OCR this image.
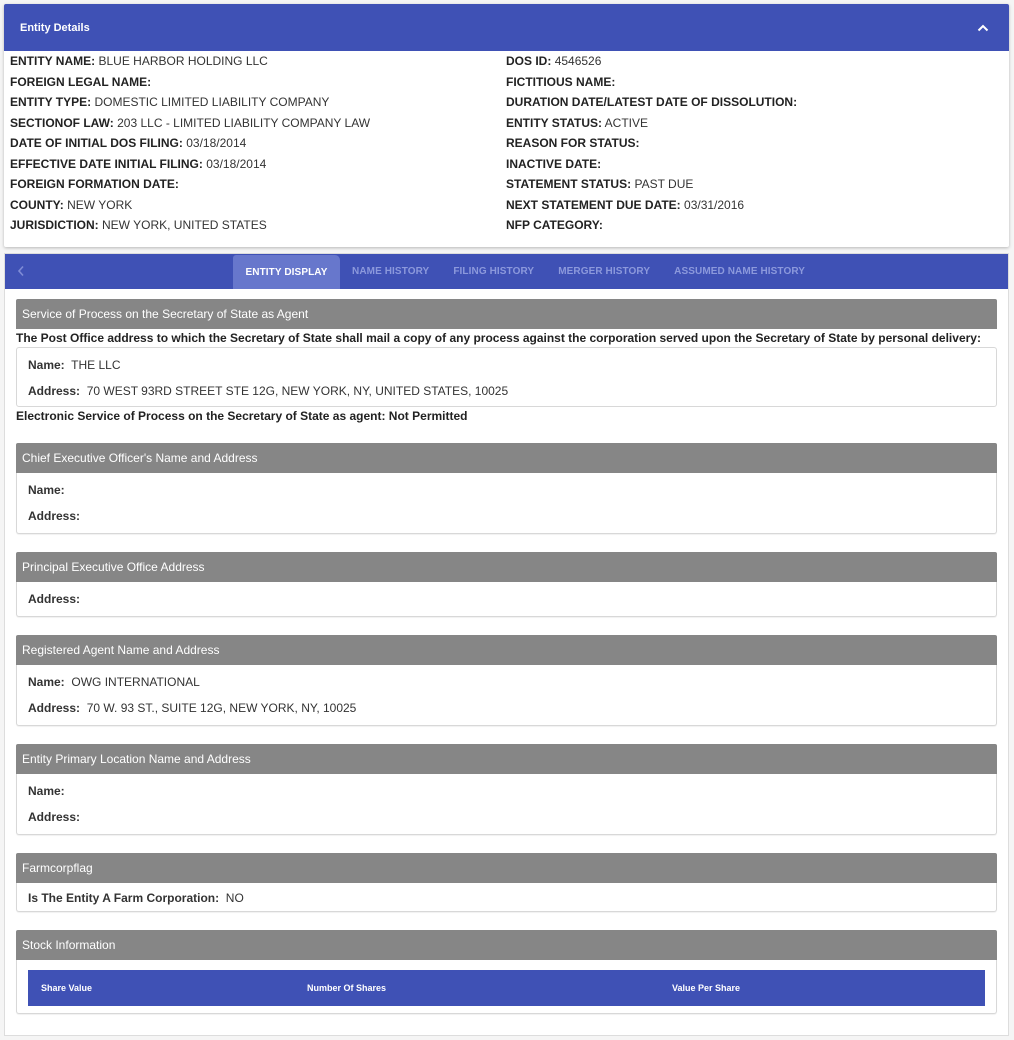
Entity Details
ENTITY NAME: BLUE HARBOR HOLDING LLC
FOREIGN LEGAL NAME:
ENTITY TYPE: DOMESTIC LIMITED LIABILITY COMPANY
SECTIONOF LAW: 203 LLC - LIMITED LIABILITY COMPANY LAW
DATE OF INITIAL DOS FILING: 03/18/2014
EFFECTIVE DATE INITIAL FILING: 03/18/2014
FOREIGN FORMATION DATE:
COUNTY: NEW YORK
JURISDICTION: NEW YORK, UNITED STATES
DOS ID: 4546526
FICTITIOUS NAME:
DURATION DATE/LATEST DATE OF DISSOLUTION:
ENTITY STATUS: ACTIVE
REASON FOR STATUS:
INACTIVE DATE:
STATEMENT STATUS: PAST DUE
NEXT STATEMENT DUE DATE: 03/31/2016
NFP CATEGORY:
ENTITY DISPLAY	NAME HISTORY	FILING HISTORY	MERGER HISTORY	ASSUMED NAME HISTORY
Service of Process on the Secretary of State as Agent
The Post Office address to which the Secretary of State shall mail a copy of any process against the corporation served upon the Secretary of State by personal delivery:
Name: THE LLC
Address: 70 WEST 93RD STREET STE 12G, NEW YORK, NY, UNITED STATES, 10025
Electronic Service of Process on the Secretary of State as agent: Not Permitted
Chief Executive Officer's Name and Address
Name:
Address:
Principal Executive Office Address
Address:
Registered Agent Name and Address
Name: OWG INTERNATIONAL
Address: 70 W. 93 ST., SUITE 12G, NEW YORK, NY, 10025
Entity Primary Location Name and Address
Name:
Address:
Farmcorpflag
Is The Entity A Farm Corporation: NO
Stock Information
Share Value	Number Of Shares	Value Per Share
